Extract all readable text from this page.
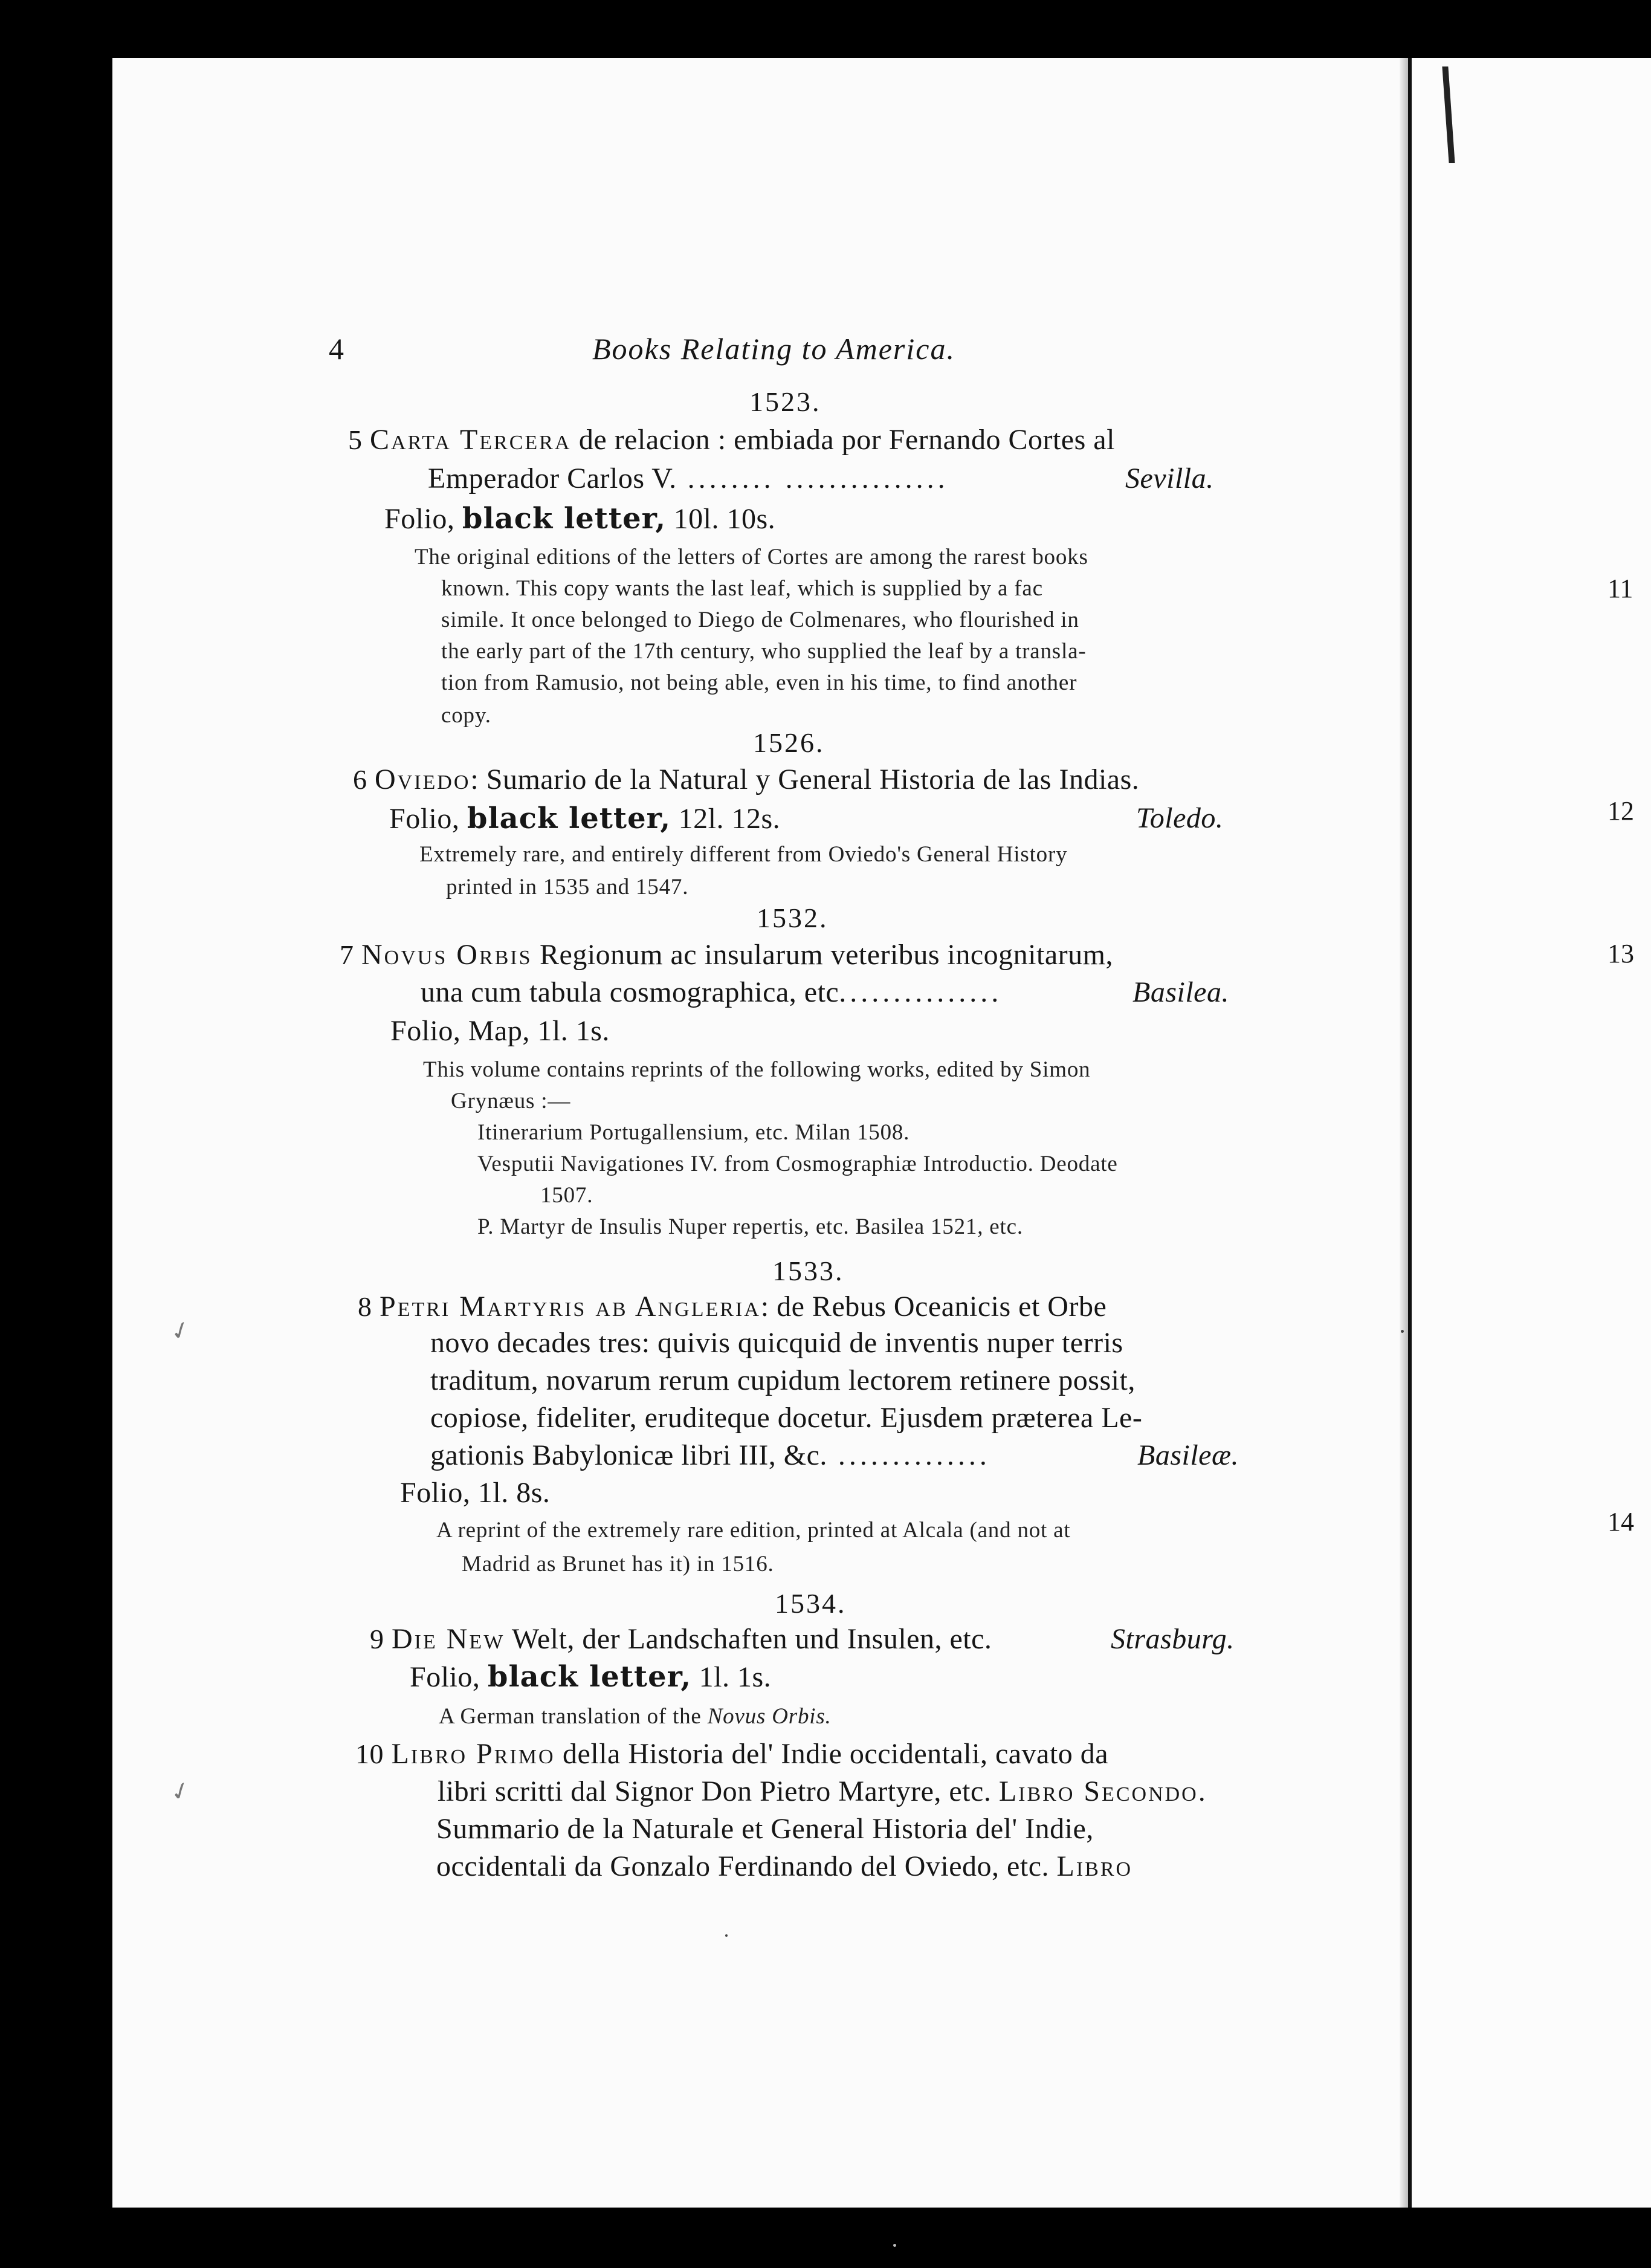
4	Books Relating to America.
1523.
5 Carta Tercera de relacion : embiada por Fernando Cortes al
Emperador Carlos V. ........ ...............	Sevilla.
Folio, black letter, 10l. 10s.
The original editions of the letters of Cortes are among the rarest books
known. This copy wants the last leaf, which is supplied by a fac
simile. It once belonged to Diego de Colmenares, who flourished in
the early part of the 17th century, who supplied the leaf by a transla-
tion from Ramusio, not being able, even in his time, to find another
copy.
1526.
6 Oviedo: Sumario de la Natural y General Historia de las Indias.
Folio, black letter, 12l. 12s.	Toledo.
Extremely rare, and entirely different from Oviedo's General History
printed in 1535 and 1547.
1532.
7 Novus Orbis Regionum ac insularum veteribus incognitarum,
una cum tabula cosmographica, etc...............	Basilea.
Folio, Map, 1l. 1s.
This volume contains reprints of the following works, edited by Simon
Grynæus :—
Itinerarium Portugallensium, etc. Milan 1508.
Vesputii Navigationes IV. from Cosmographiæ Introductio. Deodate
1507.
P. Martyr de Insulis Nuper repertis, etc. Basilea 1521, etc.
1533.
8 Petri Martyris ab Angleria: de Rebus Oceanicis et Orbe
novo decades tres: quivis quicquid de inventis nuper terris
traditum, novarum rerum cupidum lectorem retinere possit,
copiose, fideliter, eruditeque docetur. Ejusdem præterea Le-
gationis Babylonicæ libri III, &c. ..............	Basileæ.
Folio, 1l. 8s.
A reprint of the extremely rare edition, printed at Alcala (and not at
Madrid as Brunet has it) in 1516.
1534.
9 Die New Welt, der Landschaften und Insulen, etc.	Strasburg.
Folio, black letter, 1l. 1s.
A German translation of the Novus Orbis.
10 Libro Primo della Historia del' Indie occidentali, cavato da
libri scritti dal Signor Don Pietro Martyre, etc. Libro Secondo.
Summario de la Naturale et General Historia del' Indie,
occidentali da Gonzalo Ferdinando del Oviedo, etc. Libro
11
12
13
14
✓
✓
